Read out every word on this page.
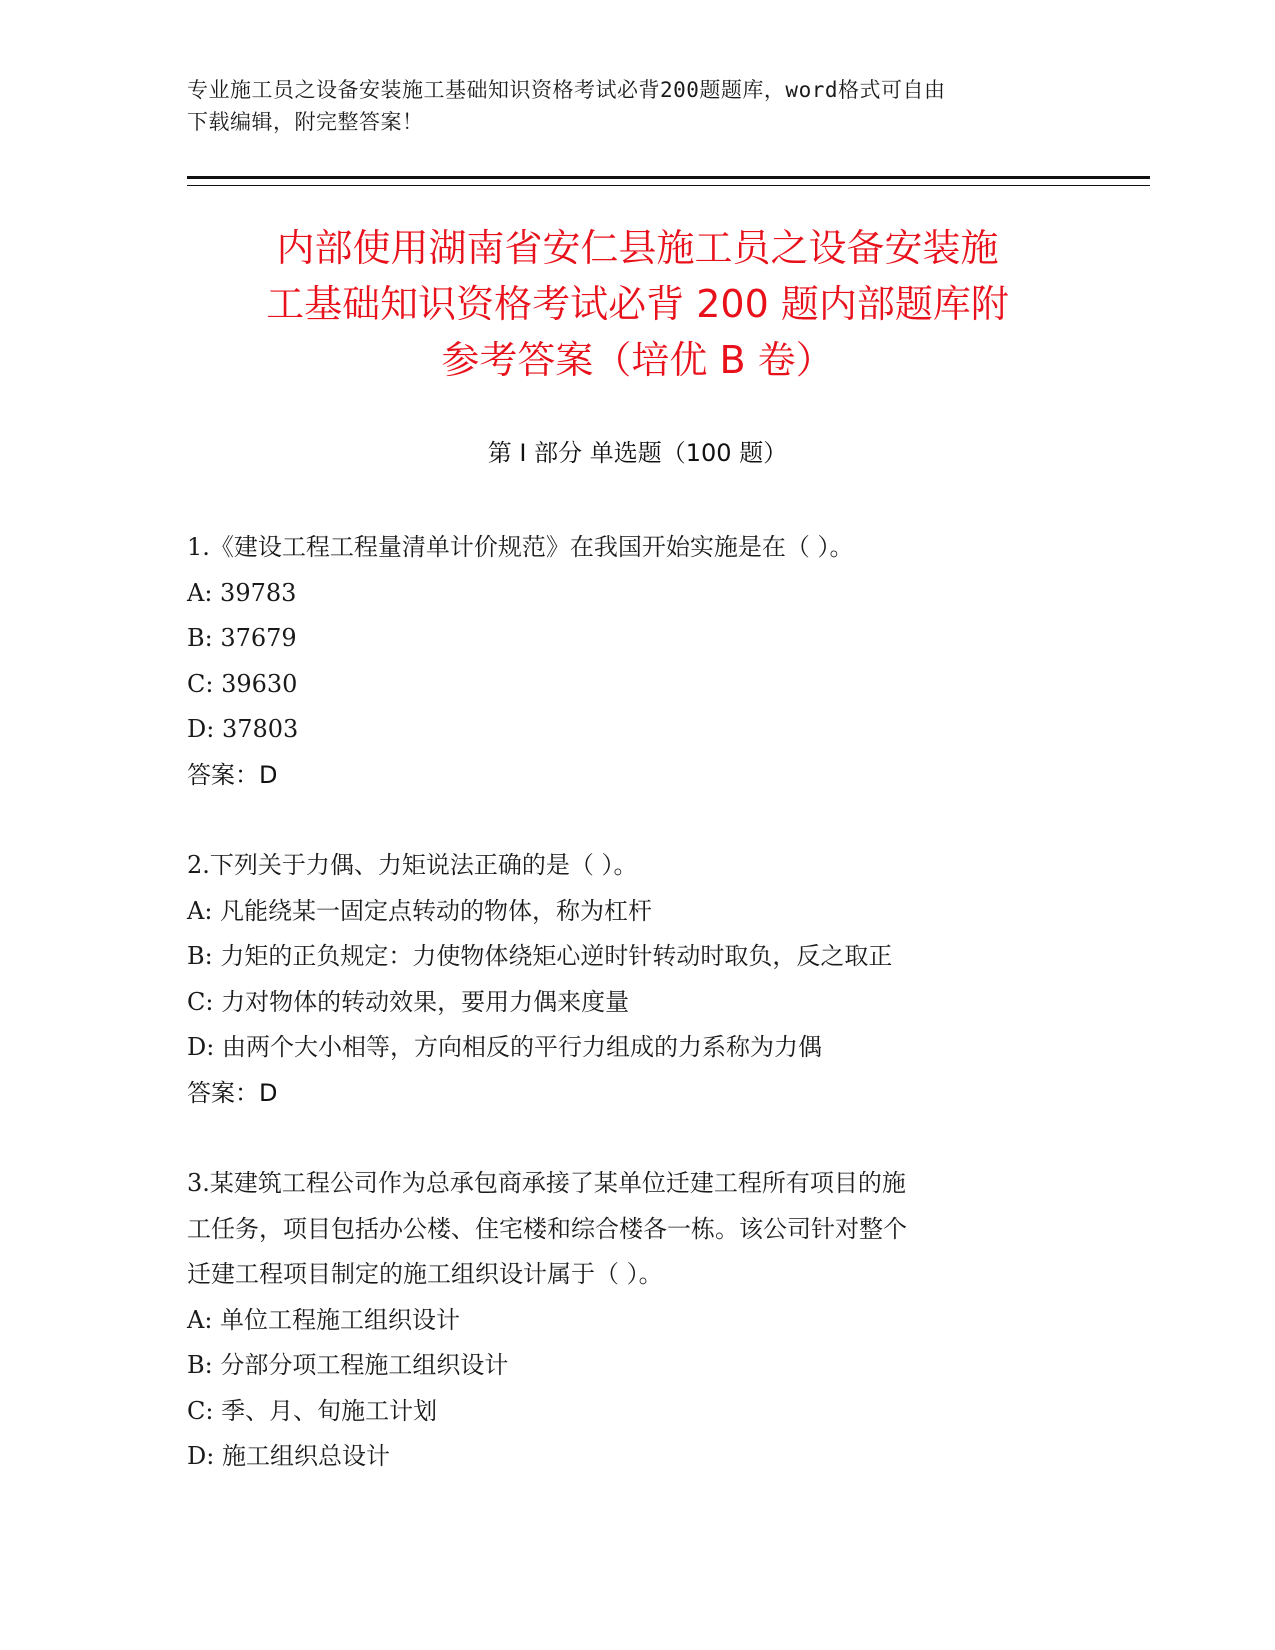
专业施工员之设备安装施工基础知识资格考试必背200题题库，word格式可自由
下载编辑，附完整答案！
内部使用湖南省安仁县施工员之设备安装施
工基础知识资格考试必背 200 题内部题库附
参考答案（培优 B 卷）
第 I 部分 单选题（100 题）
1.《建设工程工程量清单计价规范》在我国开始实施是在（ ）。
A: 39783
B: 37679
C: 39630
D: 37803
答案：D
2.下列关于力偶、力矩说法正确的是（ ）。
A: 凡能绕某一固定点转动的物体，称为杠杆
B: 力矩的正负规定：力使物体绕矩心逆时针转动时取负，反之取正
C: 力对物体的转动效果，要用力偶来度量
D: 由两个大小相等，方向相反的平行力组成的力系称为力偶
答案：D
3.某建筑工程公司作为总承包商承接了某单位迁建工程所有项目的施
工任务，项目包括办公楼、住宅楼和综合楼各一栋。该公司针对整个
迁建工程项目制定的施工组织设计属于（ ）。
A: 单位工程施工组织设计
B: 分部分项工程施工组织设计
C: 季、月、旬施工计划
D: 施工组织总设计
